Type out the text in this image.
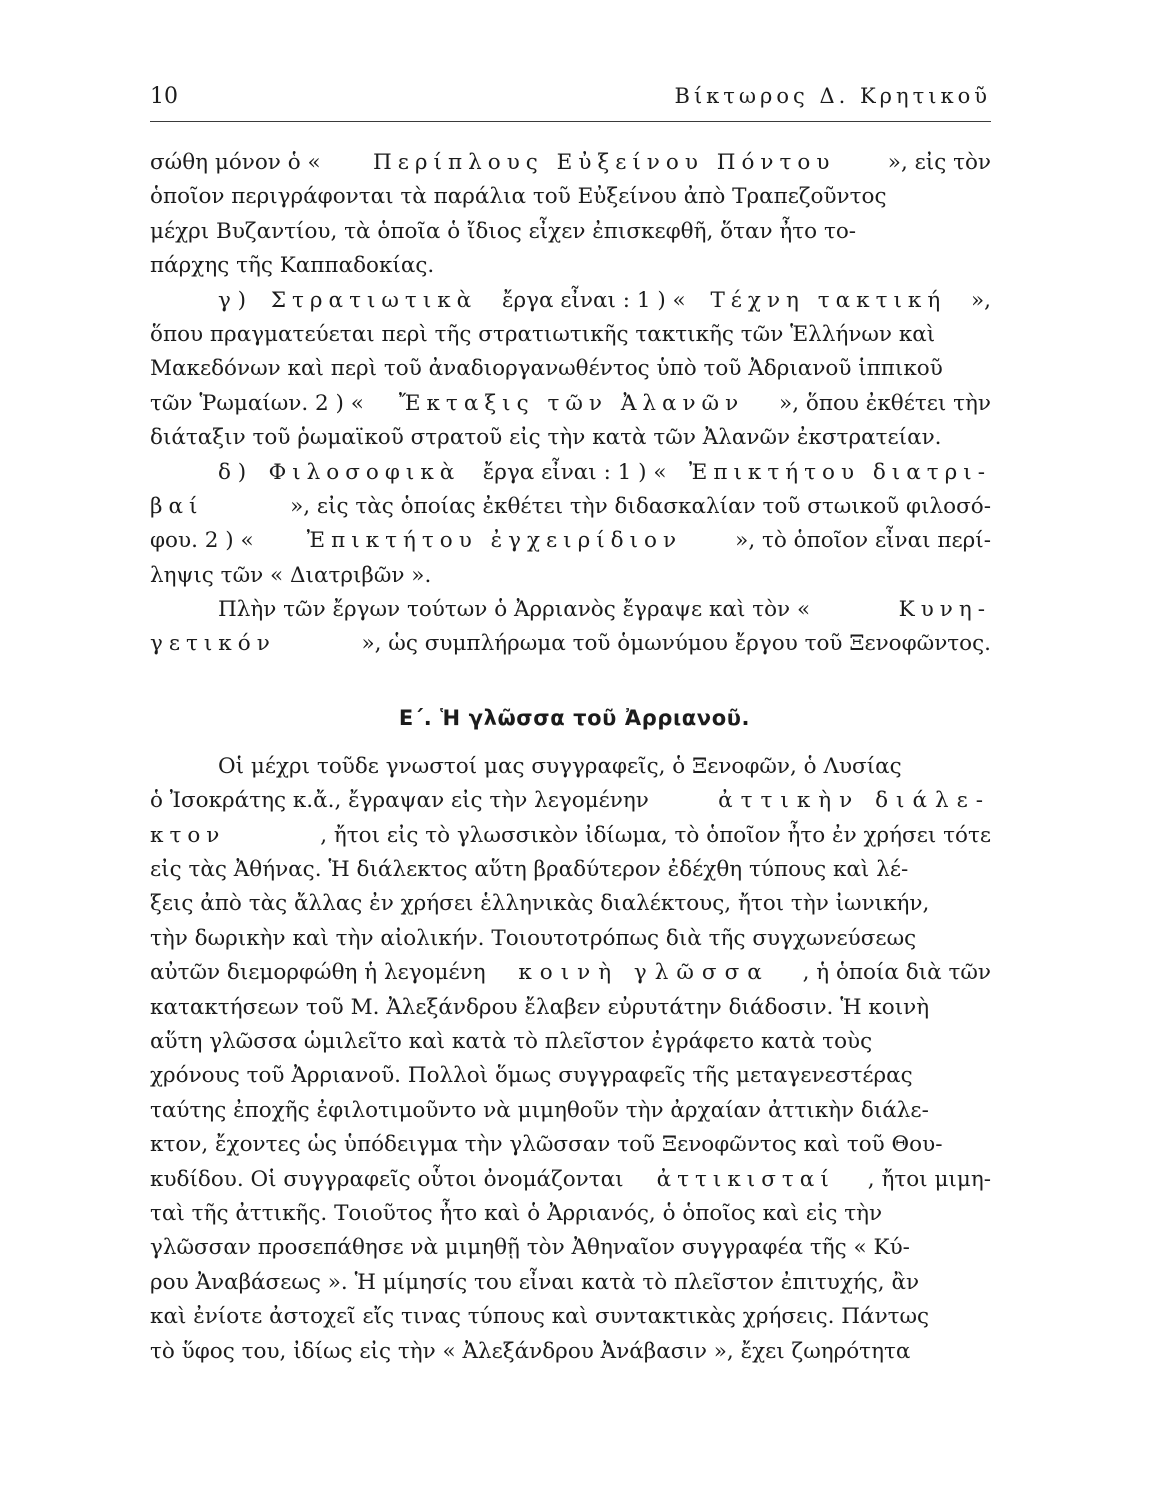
10	Βίκτωρος Δ. Κρητικοῦ
σώθη μόνον ὁ « Περίπλους Εὐξείνου Πόντου », εἰς τὸν
ὁποῖον περιγράφονται τὰ παράλια τοῦ Εὐξείνου ἀπὸ Τραπεζοῦντος
μέχρι Βυζαντίου, τὰ ὁποῖα ὁ ἴδιος εἶχεν ἐπισκεφθῆ, ὅταν ἦτο το-
πάρχης τῆς Καππαδοκίας.
γ ) Στρατιωτικὰ ἔργα εἶναι : 1 ) « Τέχνη τακτική »,
ὅπου πραγματεύεται περὶ τῆς στρατιωτικῆς τακτικῆς τῶν Ἑλλήνων καὶ
Μακεδόνων καὶ περὶ τοῦ ἀναδιοργανωθέντος ὑπὸ τοῦ Ἀδριανοῦ ἱππικοῦ
τῶν Ῥωμαίων. 2 ) « Ἔκταξις τῶν Ἀλανῶν », ὅπου ἐκθέτει τὴν
διάταξιν τοῦ ῥωμαϊκοῦ στρατοῦ εἰς τὴν κατὰ τῶν Ἀλανῶν ἐκστρατείαν.
δ ) Φιλοσοφικὰ ἔργα εἶναι : 1 ) « Ἐπικτήτου διατρι-
βαί	», εἰς τὰς ὁποίας ἐκθέτει τὴν διδασκαλίαν τοῦ στωικοῦ φιλοσό-
φου. 2 ) « Ἐπικτήτου ἐγχειρίδιον », τὸ ὁποῖον εἶναι περί-
ληψις τῶν « Διατριβῶν ».
Πλὴν τῶν ἔργων τούτων ὁ Ἀρριανὸς ἔγραψε καὶ τὸν «	Κυνη-
γετικόν	», ὡς συμπλήρωμα τοῦ ὁμωνύμου ἔργου τοῦ Ξενοφῶντος.
Ε΄. Ἡ γλῶσσα τοῦ Ἀρριανοῦ.
Οἱ μέχρι τοῦδε γνωστοί μας συγγραφεῖς, ὁ Ξενοφῶν, ὁ Λυσίας
ὁ Ἰσοκράτης κ.ἄ., ἔγραψαν εἰς τὴν λεγομένην	ἀττικὴν διάλε-
κτον	, ἤτοι εἰς τὸ γλωσσικὸν ἰδίωμα, τὸ ὁποῖον ἦτο ἐν χρήσει τότε
εἰς τὰς Ἀθήνας. Ἡ διάλεκτος αὕτη βραδύτερον ἐδέχθη τύπους καὶ λέ-
ξεις ἀπὸ τὰς ἄλλας ἐν χρήσει ἑλληνικὰς διαλέκτους, ἤτοι τὴν ἰωνικήν,
τὴν δωρικὴν καὶ τὴν αἰολικήν. Τοιουτοτρόπως διὰ τῆς συγχωνεύσεως
αὐτῶν διεμορφώθη ἡ λεγομένη κοινὴ γλῶσσα , ἡ ὁποία διὰ τῶν
κατακτήσεων τοῦ Μ. Ἀλεξάνδρου ἔλαβεν εὐρυτάτην διάδοσιν. Ἡ κοινὴ
αὕτη γλῶσσα ὡμιλεῖτο καὶ κατὰ τὸ πλεῖστον ἐγράφετο κατὰ τοὺς
χρόνους τοῦ Ἀρριανοῦ. Πολλοὶ ὅμως συγγραφεῖς τῆς μεταγενεστέρας
ταύτης ἐποχῆς ἐφιλοτιμοῦντο νὰ μιμηθοῦν τὴν ἀρχαίαν ἀττικὴν διάλε-
κτον, ἔχοντες ὡς ὑπόδειγμα τὴν γλῶσσαν τοῦ Ξενοφῶντος καὶ τοῦ Θου-
κυδίδου. Οἱ συγγραφεῖς οὗτοι ὀνομάζονται ἀττικισταί , ἤτοι μιμη-
ταὶ τῆς ἀττικῆς. Τοιοῦτος ἦτο καὶ ὁ Ἀρριανός, ὁ ὁποῖος καὶ εἰς τὴν
γλῶσσαν προσεπάθησε νὰ μιμηθῇ τὸν Ἀθηναῖον συγγραφέα τῆς « Κύ-
ρου Ἀναβάσεως ». Ἡ μίμησίς του εἶναι κατὰ τὸ πλεῖστον ἐπιτυχής, ἂν
καὶ ἐνίοτε ἀστοχεῖ εἴς τινας τύπους καὶ συντακτικὰς χρήσεις. Πάντως
τὸ ὕφος του, ἰδίως εἰς τὴν « Ἀλεξάνδρου Ἀνάβασιν », ἔχει ζωηρότητα
